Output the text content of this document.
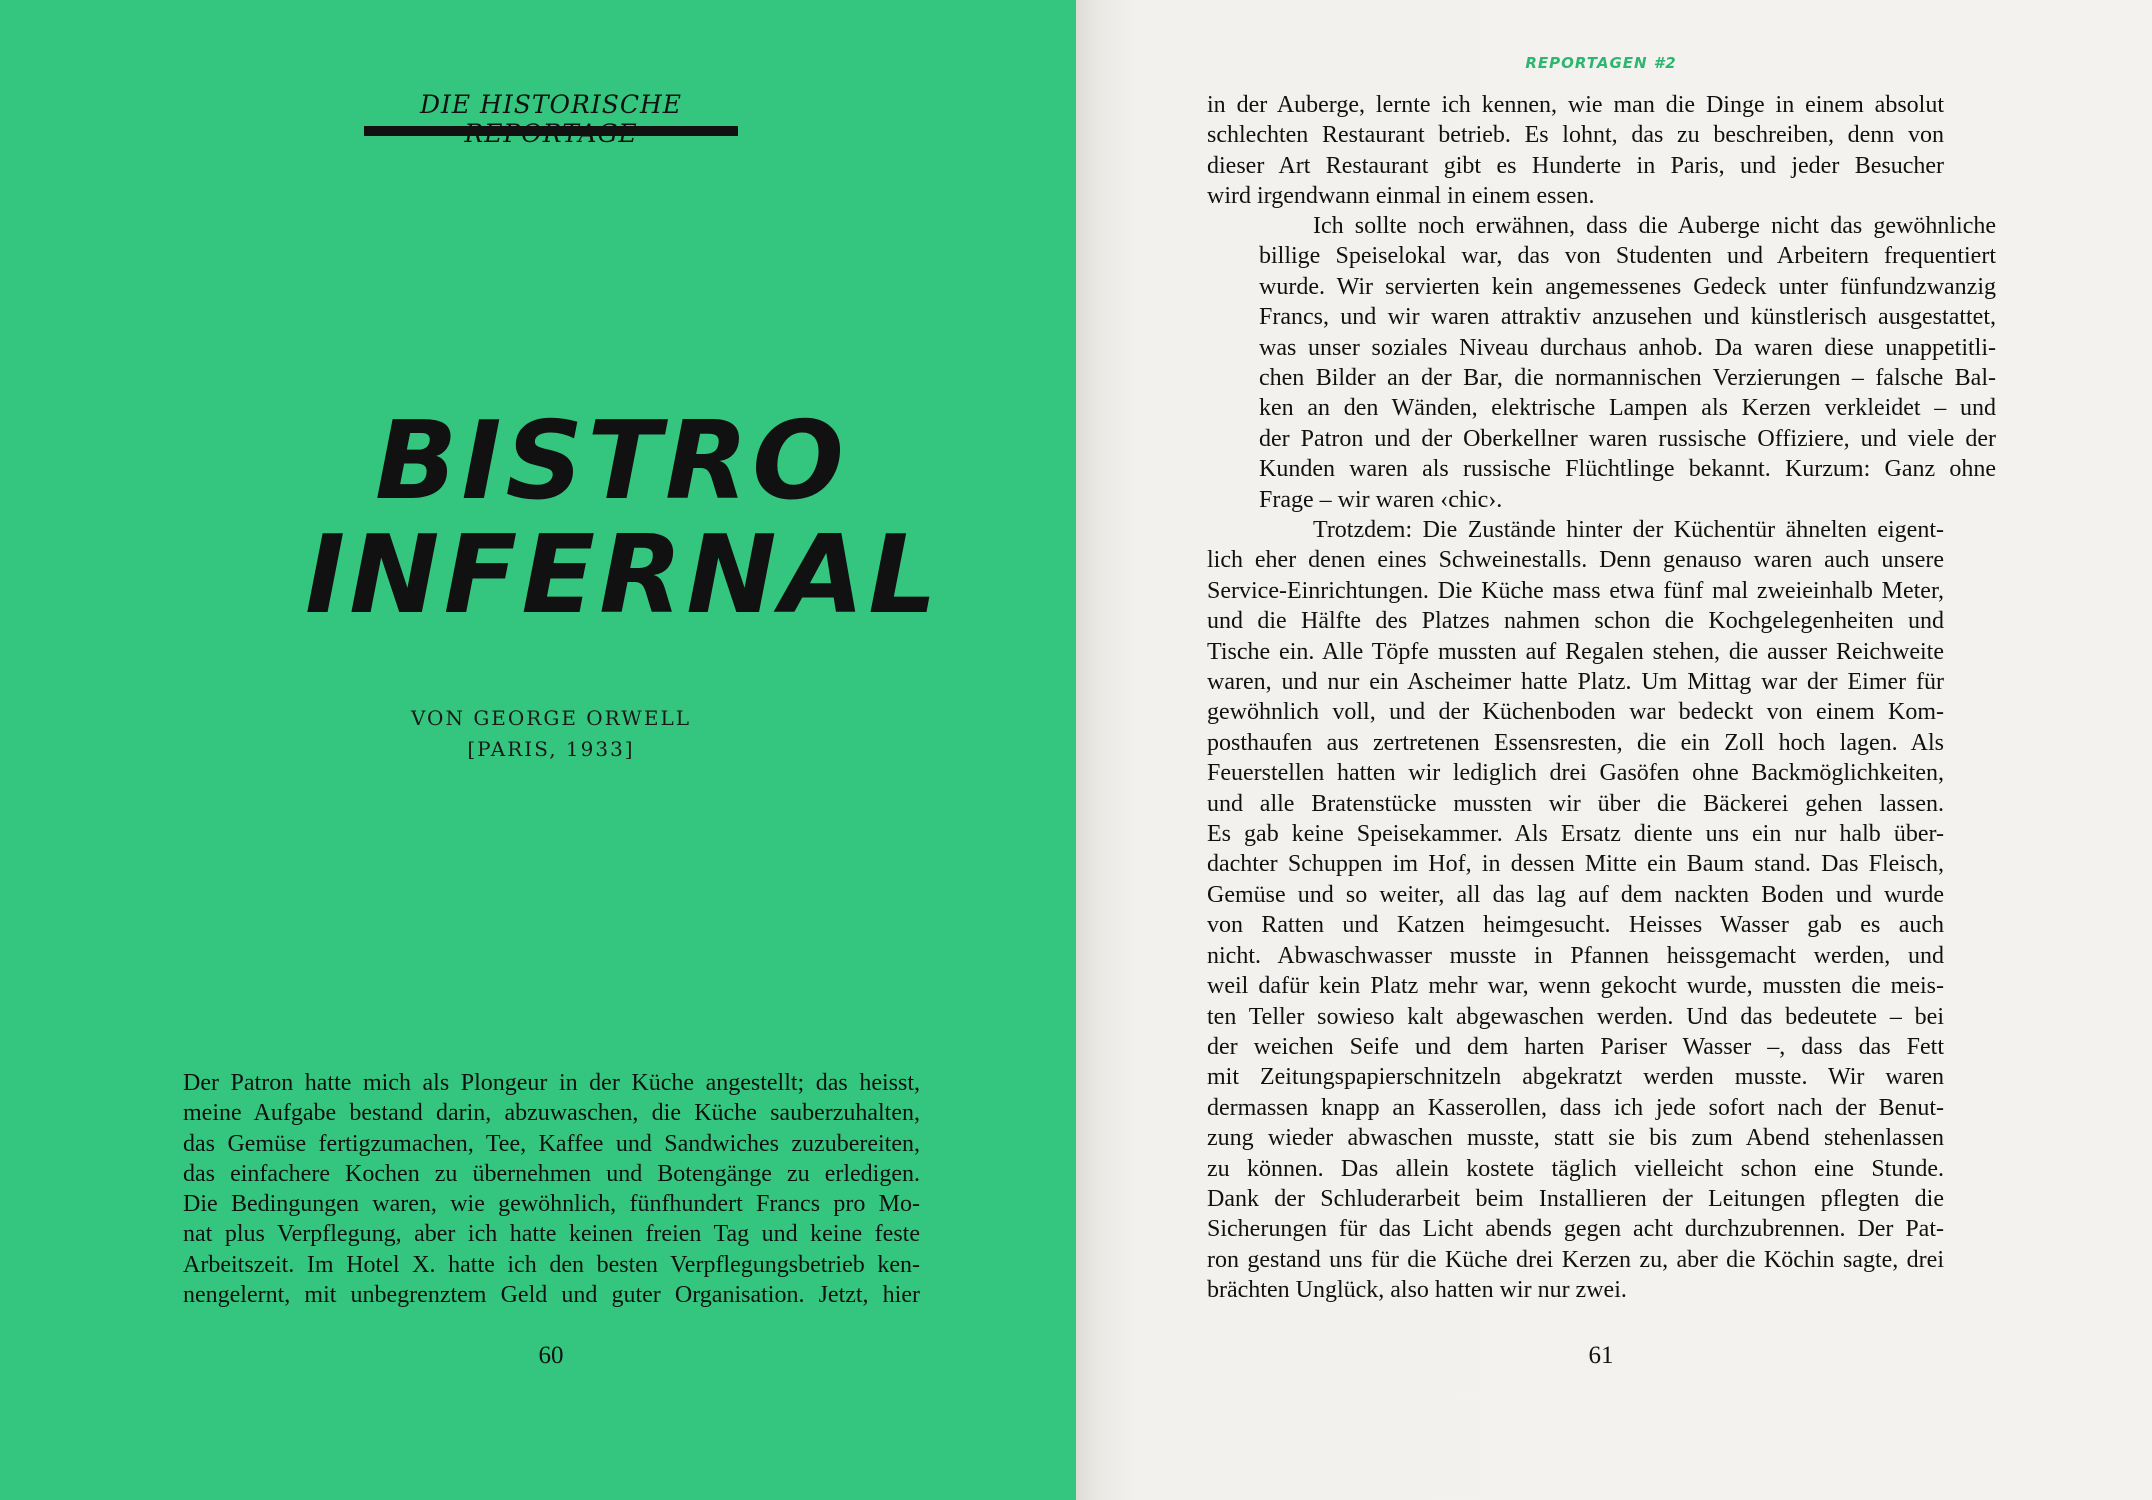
DIE HISTORISCHE
BISTRO
INFERNAL
VON GEORGE ORWELL
[PARIS, 1933]
Der Patron hatte mich als Plongeur in der Küche angestellt; das heisst,
meine Aufgabe bestand darin, abzuwaschen, die Küche sauberzuhalten,
das Gemüse fertigzumachen, Tee, Kaffee und Sandwiches zuzubereiten,
das einfachere Kochen zu übernehmen und Botengänge zu erledigen.
Die Bedingungen waren, wie gewöhnlich, fünfhundert Francs pro Mo-
nat plus Verpflegung, aber ich hatte keinen freien Tag und keine feste
Arbeitszeit. Im Hotel X. hatte ich den besten Verpflegungsbetrieb ken-
nengelernt, mit unbegrenztem Geld und guter Organisation. Jetzt, hier
60
REPORTAGEN #2
in der Auberge, lernte ich kennen, wie man die Dinge in einem absolut
schlechten Restaurant betrieb. Es lohnt, das zu beschreiben, denn von
dieser Art Restaurant gibt es Hunderte in Paris, und jeder Besucher
wird irgendwann einmal in einem essen.
Ich sollte noch erwähnen, dass die Auberge nicht das gewöhnliche
billige Speiselokal war, das von Studenten und Arbeitern frequentiert
wurde. Wir servierten kein angemessenes Gedeck unter fünfundzwanzig
Francs, und wir waren attraktiv anzusehen und künstlerisch ausgestattet,
was unser soziales Niveau durchaus anhob. Da waren diese unappetitli-
chen Bilder an der Bar, die normannischen Verzierungen – falsche Bal-
ken an den Wänden, elektrische Lampen als Kerzen verkleidet – und
der Patron und der Oberkellner waren russische Offiziere, und viele der
Kunden waren als russische Flüchtlinge bekannt. Kurzum: Ganz ohne
Frage – wir waren ‹chic›.
Trotzdem: Die Zustände hinter der Küchentür ähnelten eigent-
lich eher denen eines Schweinestalls. Denn genauso waren auch unsere
Service-Einrichtungen. Die Küche mass etwa fünf mal zweieinhalb Meter,
und die Hälfte des Platzes nahmen schon die Kochgelegenheiten und
Tische ein. Alle Töpfe mussten auf Regalen stehen, die ausser Reichweite
waren, und nur ein Ascheimer hatte Platz. Um Mittag war der Eimer für
gewöhnlich voll, und der Küchenboden war bedeckt von einem Kom-
posthaufen aus zertretenen Essensresten, die ein Zoll hoch lagen. Als
Feuerstellen hatten wir lediglich drei Gasöfen ohne Backmöglichkeiten,
und alle Bratenstücke mussten wir über die Bäckerei gehen lassen.
Es gab keine Speisekammer. Als Ersatz diente uns ein nur halb über-
dachter Schuppen im Hof, in dessen Mitte ein Baum stand. Das Fleisch,
Gemüse und so weiter, all das lag auf dem nackten Boden und wurde
von Ratten und Katzen heimgesucht. Heisses Wasser gab es auch
nicht. Abwaschwasser musste in Pfannen heissgemacht werden, und
weil dafür kein Platz mehr war, wenn gekocht wurde, mussten die meis-
ten Teller sowieso kalt abgewaschen werden. Und das bedeutete – bei
der weichen Seife und dem harten Pariser Wasser –, dass das Fett
mit Zeitungspapierschnitzeln abgekratzt werden musste. Wir waren
dermassen knapp an Kasserollen, dass ich jede sofort nach der Benut-
zung wieder abwaschen musste, statt sie bis zum Abend stehenlassen
zu können. Das allein kostete täglich vielleicht schon eine Stunde.
Dank der Schluderarbeit beim Installieren der Leitungen pflegten die
Sicherungen für das Licht abends gegen acht durchzubrennen. Der Pat-
ron gestand uns für die Küche drei Kerzen zu, aber die Köchin sagte, drei
brächten Unglück, also hatten wir nur zwei.
61
